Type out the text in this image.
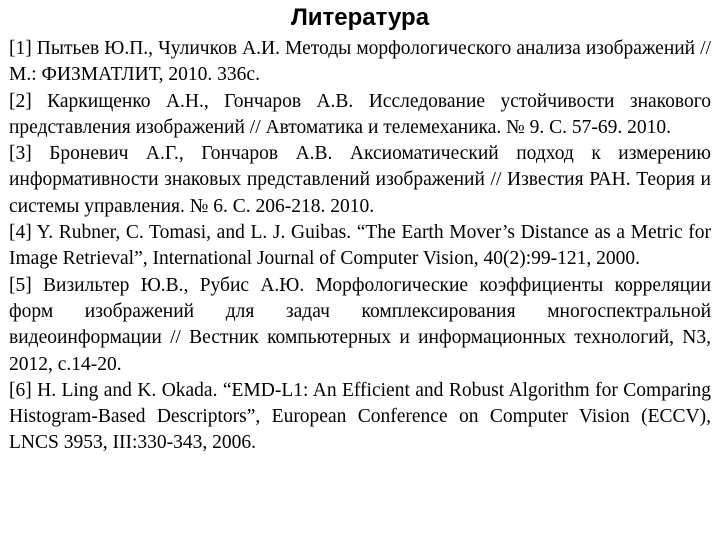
Литература
[1] Пытьев Ю.П., Чуличков А.И. Методы морфологического анализа изображений // М.: ФИЗМАТЛИТ, 2010. 336с.
[2] Каркищенко А.Н., Гончаров А.В. Исследование устойчивости знакового представления изображений // Автоматика и телемеханика. № 9. С. 57-69. 2010.
[3] Броневич А.Г., Гончаров А.В. Аксиоматический подход к измерению информативности знаковых представлений изображений // Известия РАН. Теория и системы управления. № 6. С. 206-218. 2010.
[4] Y. Rubner, C. Tomasi, and L. J. Guibas. “The Earth Mover’s Distance as a Metric for Image Retrieval”, International Journal of Computer Vision, 40(2):99-121, 2000.
[5] Визильтер Ю.В., Рубис А.Ю. Морфологические коэффициенты корреляции форм изображений для задач комплексирования многоспектральной видеоинформации // Вестник компьютерных и информационных технологий, N3, 2012, с.14-20.
[6] H. Ling and K. Okada. “EMD-L1: An Efficient and Robust Algorithm for Comparing Histogram-Based Descriptors”, European Conference on Computer Vision (ECCV), LNCS 3953, III:330-343, 2006.
